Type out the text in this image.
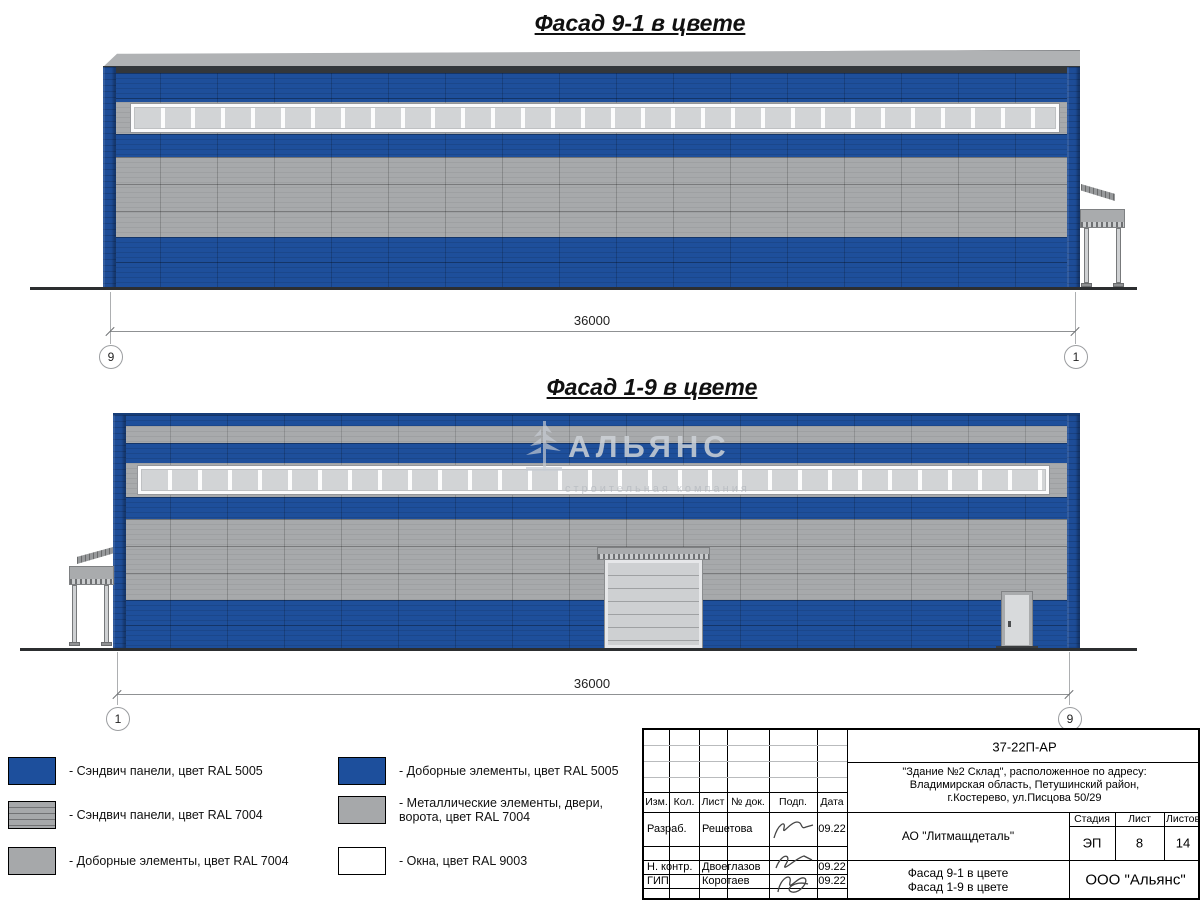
Фасад 9-1 в цвете
36000
9	1
Фасад 1-9 в цвете
АЛЬЯНС
строительная компания
36000
1	9
- Сэндвич панели, цвет RAL 5005
- Сэндвич панели, цвет RAL 7004
- Доборные элементы, цвет RAL 7004
- Доборные элементы, цвет RAL 5005
- Металлические элементы, двери, ворота, цвет RAL 7004
- Окна, цвет RAL 9003
Изм. Кол. Лист № док.	Подп.	Дата
Разраб. Решетова	09.22
Н. контр. Двоеглазов	09.22
ГИП	Коротаев	09.22
37-22П-АР
"Здание №2 Склад", расположенное по адресу:
Владимирская область, Петушинский район,
г.Костерево, ул.Писцова 50/29
АО "Литмащдеталь"
Стадия	Лист	Листов
ЭП	8	14
Фасад 9-1 в цвете
Фасад 1-9 в цвете	ООО "Альянс"
